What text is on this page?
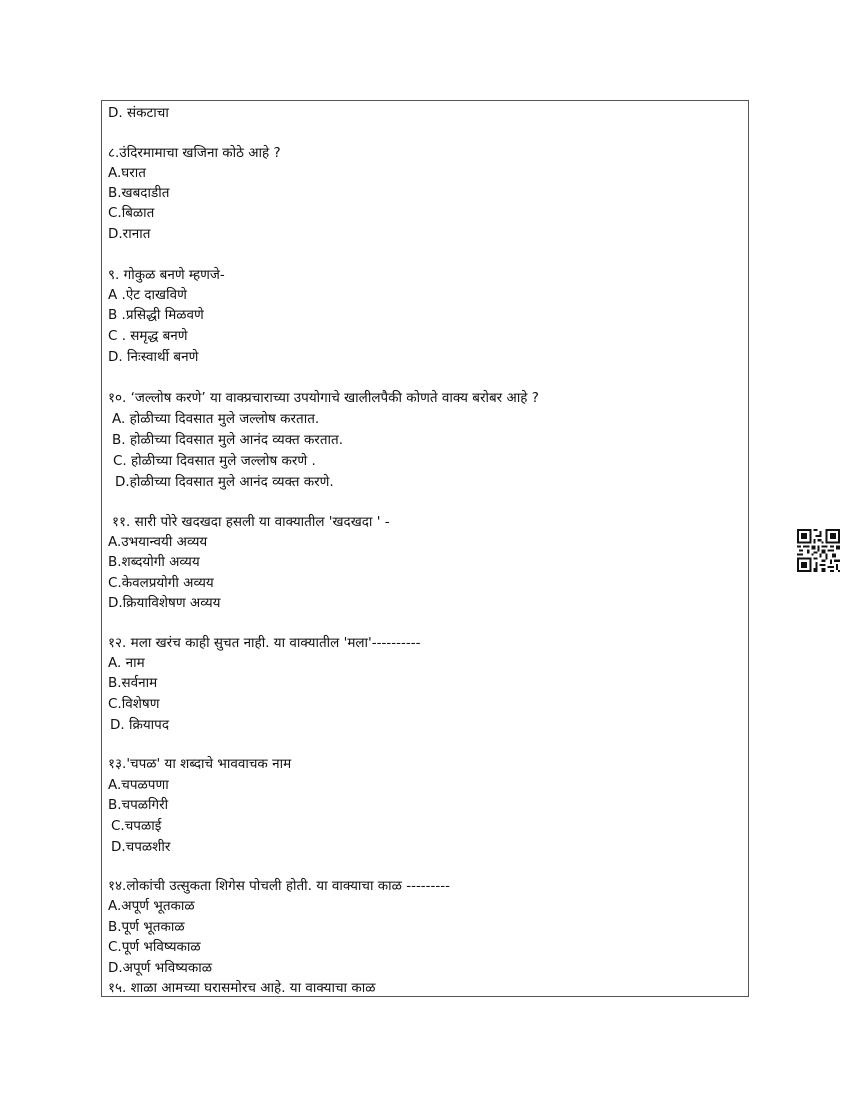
D. संकटाचा
८.उंदिरमामाचा खजिना कोठे आहे ?
A.घरात
B.खबदाडीत
C.बिळात
D.रानात
९. गोकुळ बनणे म्हणजे-
A .ऐट दाखविणे
B .प्रसिद्धी मिळवणे
C . समृद्ध बनणे
D. निःस्वार्थी बनणे
१०. ‘जल्लोष करणे’ या वाक्प्रचाराच्या उपयोगाचे खालीलपैकी कोणते वाक्य बरोबर आहे ?
A. होळीच्या दिवसात मुले जल्लोष करतात.
B. होळीच्या दिवसात मुले आनंद व्यक्त करतात.
C. होळीच्या दिवसात मुले जल्लोष करणे .
D.होळीच्या दिवसात मुले आनंद व्यक्त करणे.
११. सारी पोरे खदखदा हसली या वाक्यातील 'खदखदा ' -
A.उभयान्वयी अव्यय
B.शब्दयोगी अव्यय
C.केवलप्रयोगी अव्यय
D.क्रियाविशेषण अव्यय
१२. मला खरंच काही सुचत नाही. या वाक्यातील 'मला'----------
A. नाम
B.सर्वनाम
C.विशेषण
D. क्रियापद
१३.'चपळ' या शब्दाचे भाववाचक नाम
A.चपळपणा
B.चपळगिरी
C.चपळाई
D.चपळशीर
१४.लोकांची उत्सुकता शिगेस पोचली होती. या वाक्याचा काळ ---------
A.अपूर्ण भूतकाळ
B.पूर्ण भूतकाळ
C.पूर्ण भविष्यकाळ
D.अपूर्ण भविष्यकाळ
१५. शाळा आमच्या घरासमोरच आहे. या वाक्याचा काळ
